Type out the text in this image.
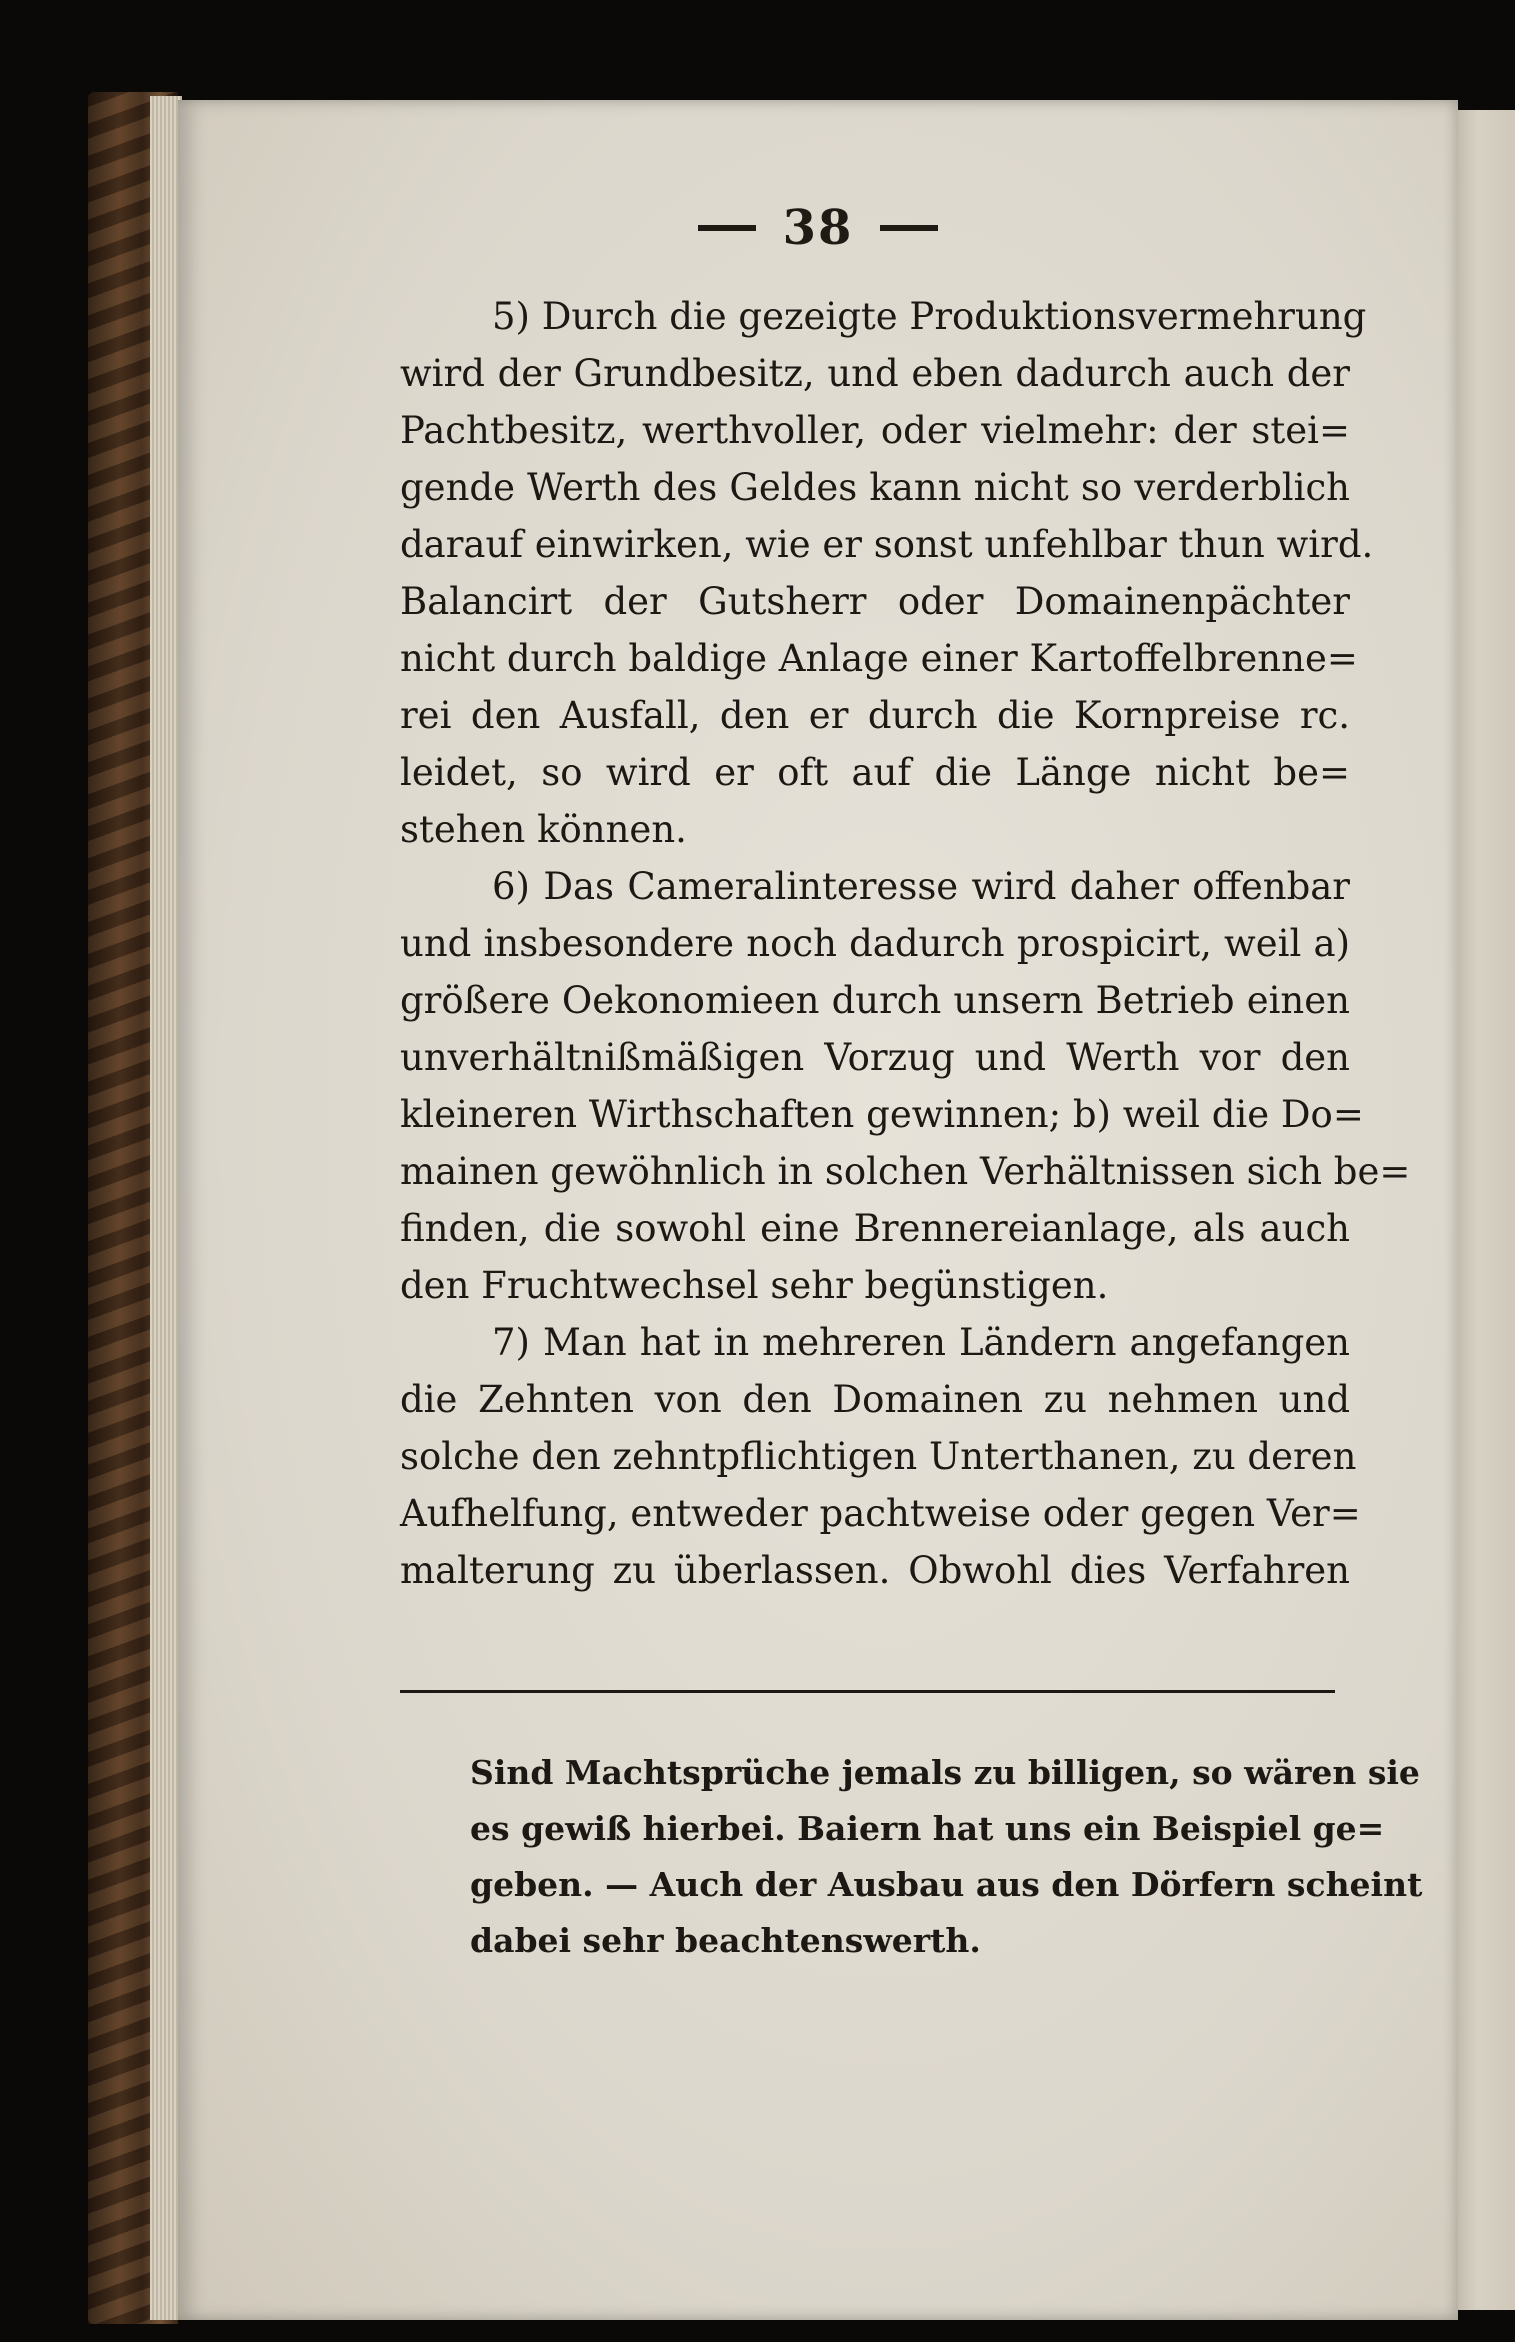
38
5) Durch die gezeigte Produktionsvermehrung
wird der Grundbesitz, und eben dadurch auch der
Pachtbesitz, werthvoller, oder vielmehr: der stei=
gende Werth des Geldes kann nicht so verderblich
darauf einwirken, wie er sonst unfehlbar thun wird.
Balancirt der Gutsherr oder Domainenpächter
nicht durch baldige Anlage einer Kartoffelbrenne=
rei den Ausfall, den er durch die Kornpreise rc.
leidet, so wird er oft auf die Länge nicht be=
stehen können.
6) Das Cameralinteresse wird daher offenbar
und insbesondere noch dadurch prospicirt, weil a)
größere Oekonomieen durch unsern Betrieb einen
unverhältnißmäßigen Vorzug und Werth vor den
kleineren Wirthschaften gewinnen; b) weil die Do=
mainen gewöhnlich in solchen Verhältnissen sich be=
finden, die sowohl eine Brennereianlage, als auch
den Fruchtwechsel sehr begünstigen.
7) Man hat in mehreren Ländern angefangen
die Zehnten von den Domainen zu nehmen und
solche den zehntpflichtigen Unterthanen, zu deren
Aufhelfung, entweder pachtweise oder gegen Ver=
malterung zu überlassen. Obwohl dies Verfahren
Sind Machtsprüche jemals zu billigen, so wären sie
es gewiß hierbei. Baiern hat uns ein Beispiel ge=
geben. — Auch der Ausbau aus den Dörfern scheint
dabei sehr beachtenswerth.
